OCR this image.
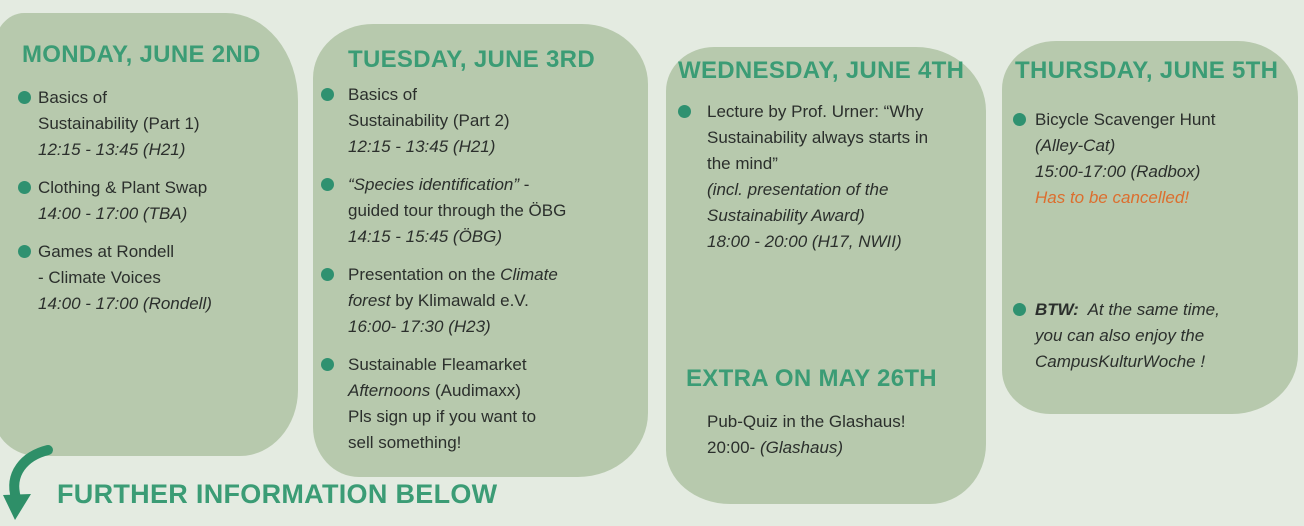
MONDAY, JUNE 2ND
Basics of
Sustainability (Part 1)
12:15 - 13:45 (H21)
Clothing & Plant Swap
14:00 - 17:00 (TBA)
Games at Rondell
- Climate Voices
14:00 - 17:00 (Rondell)
TUESDAY, JUNE 3RD
Basics of
Sustainability (Part 2)
12:15 - 13:45 (H21)
“Species identification” -
guided tour through the ÖBG
14:15 - 15:45 (ÖBG)
Presentation on the Climate
forest by Klimawald e.V.
16:00- 17:30 (H23)
Sustainable Fleamarket
Afternoons (Audimaxx)
Pls sign up if you want to
sell something!
WEDNESDAY, JUNE 4TH
Lecture by Prof. Urner: “Why
Sustainability always starts in
the mind”
(incl. presentation of the
Sustainability Award)
18:00 - 20:00 (H17, NWII)
EXTRA ON MAY 26TH
Pub-Quiz in the Glashaus!
20:00- (Glashaus)
THURSDAY, JUNE 5TH
Bicycle Scavenger Hunt
(Alley-Cat)
15:00-17:00 (Radbox)
Has to be cancelled!
BTW:  At the same time,
you can also enjoy the
CampusKulturWoche !
FURTHER INFORMATION BELOW
